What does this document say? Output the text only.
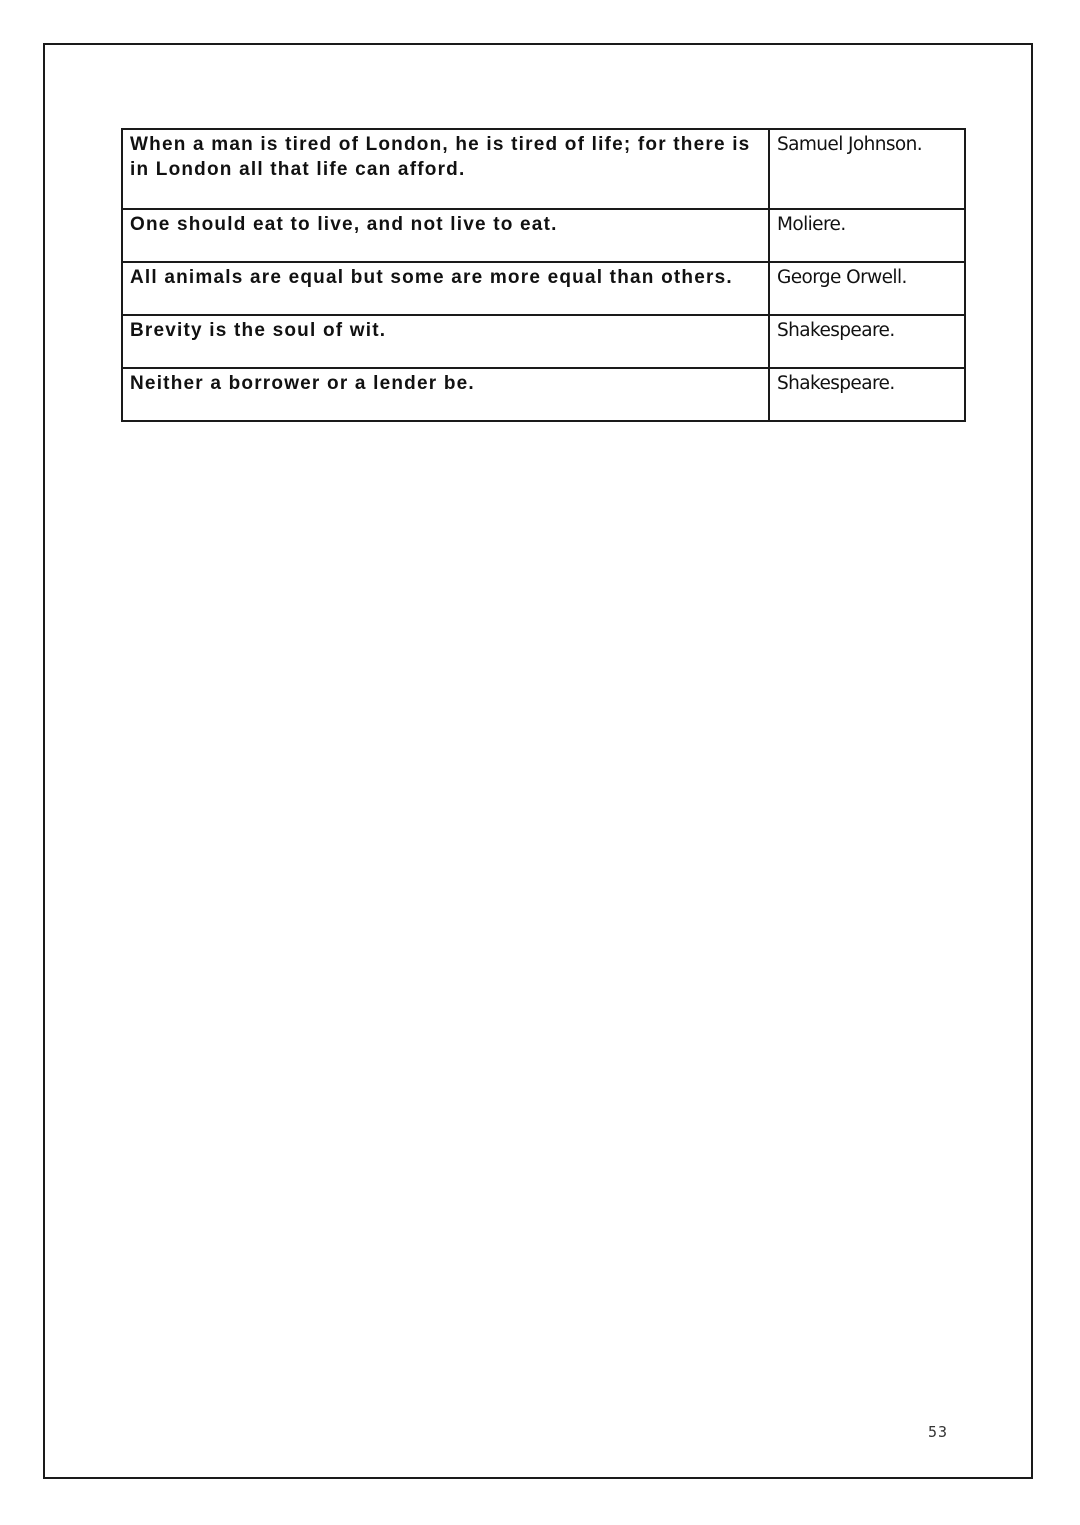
When a man is tired of London, he is tired of life; for there is in London all that life can afford.	Samuel Johnson.
One should eat to live, and not live to eat.	Moliere.
All animals are equal but some are more equal than others.	George Orwell.
Brevity is the soul of wit.	Shakespeare.
Neither a borrower or a lender be.	Shakespeare.
53
